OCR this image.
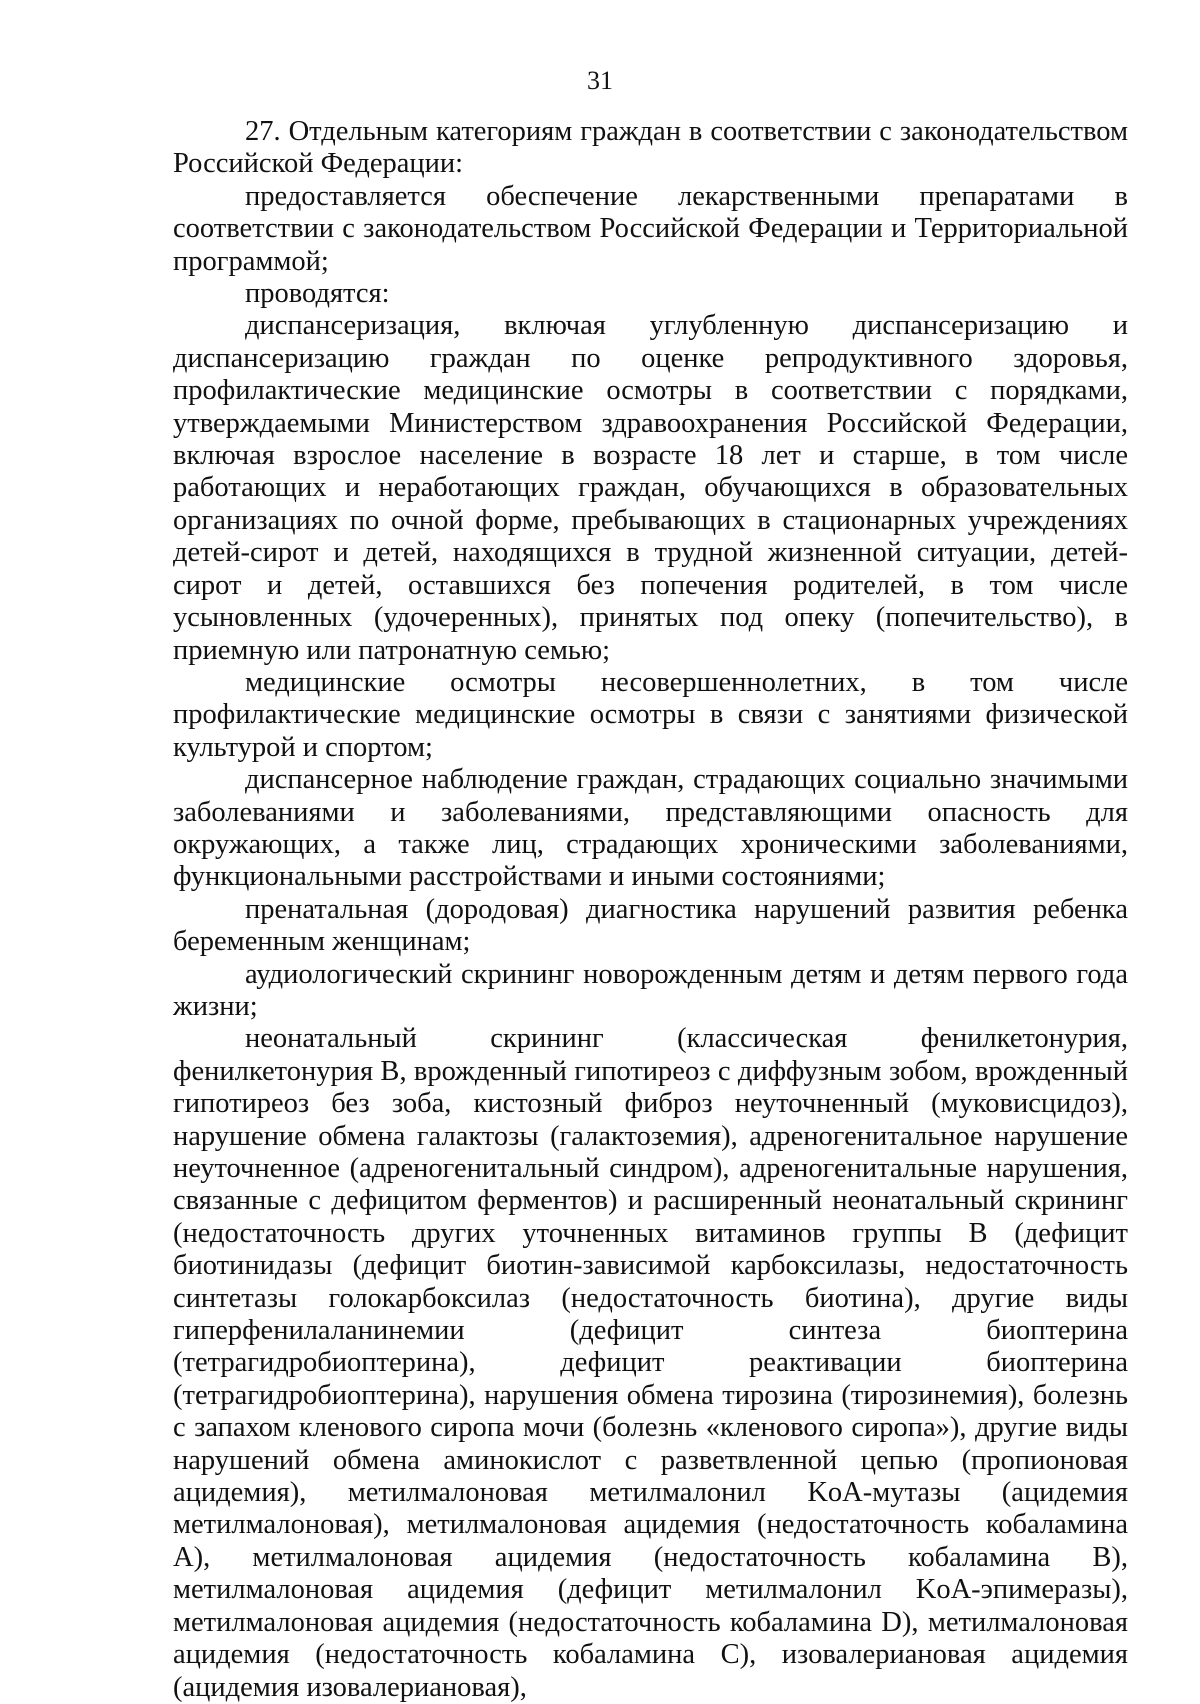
31

27. Отдельным категориям граждан в соответствии с законодательством Российской Федерации:

предоставляется обеспечение лекарственными препаратами в соответствии с законодательством Российской Федерации и Территориальной программой;

проводятся:

диспансеризация, включая углубленную диспансеризацию и диспансеризацию граждан по оценке репродуктивного здоровья, профилактические медицинские осмотры в соответствии с порядками, утверждаемыми Министерством здравоохранения Российской Федерации, включая взрослое население в возрасте 18 лет и старше, в том числе работающих и неработающих граждан, обучающихся в образовательных организациях по очной форме, пребывающих в стационарных учреждениях детей-сирот и детей, находящихся в трудной жизненной ситуации, детей-сирот и детей, оставшихся без попечения родителей, в том числе усыновленных (удочеренных), принятых под опеку (попечительство), в приемную или патронатную семью;

медицинские осмотры несовершеннолетних, в том числе профилактические медицинские осмотры в связи с занятиями физической культурой и спортом;

диспансерное наблюдение граждан, страдающих социально значимыми заболеваниями и заболеваниями, представляющими опасность для окружающих, а также лиц, страдающих хроническими заболеваниями, функциональными расстройствами и иными состояниями;

пренатальная (дородовая) диагностика нарушений развития ребенка беременным женщинам;

аудиологический скрининг новорожденным детям и детям первого года жизни;

неонатальный скрининг (классическая фенилкетонурия, фенилкетонурия B, врожденный гипотиреоз с диффузным зобом, врожденный гипотиреоз без зоба, кистозный фиброз неуточненный (муковисцидоз), нарушение обмена галактозы (галактоземия), адреногенитальное нарушение неуточненное (адреногенитальный синдром), адреногенитальные нарушения, связанные с дефицитом ферментов) и расширенный неонатальный скрининг (недостаточность других уточненных витаминов группы B (дефицит биотинидазы (дефицит биотин-зависимой карбоксилазы, недостаточность синтетазы голокарбоксилаз (недостаточность биотина), другие виды гиперфенилаланинемии (дефицит синтеза биоптерина (тетрагидробиоптерина), дефицит реактивации биоптерина (тетрагидробиоптерина), нарушения обмена тирозина (тирозинемия), болезнь с запахом кленового сиропа мочи (болезнь «кленового сиропа»), другие виды нарушений обмена аминокислот с разветвленной цепью (пропионовая ацидемия), метилмалоновая метилмалонил KoA-мутазы (ацидемия метилмалоновая), метилмалоновая ацидемия (недостаточность кобаламина A), метилмалоновая ацидемия (недостаточность кобаламина B), метилмалоновая ацидемия (дефицит метилмалонил KoA-эпимеразы), метилмалоновая ацидемия (недостаточность кобаламина D), метилмалоновая ацидемия (недостаточность кобаламина C), изовалериановая ацидемия (ацидемия изовалериановая),
